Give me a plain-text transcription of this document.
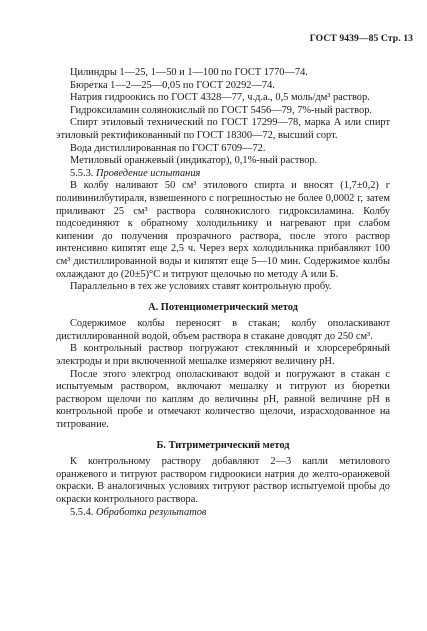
ГОСТ 9439—85 Стр. 13

Цилиндры 1—25, 1—50 и 1—100 по ГОСТ 1770—74.

Бюретка 1—2—25—0,05 по ГОСТ 20292—74.

Натрия гидроокись по ГОСТ 4328—77, ч.д.а., 0,5 моль/дм³ раствор.

Гидроксиламин солянокислый по ГОСТ 5456—79, 7%-ный раствор.

Спирт этиловый технический по ГОСТ 17299—78, марка А или спирт этиловый ректификованный по ГОСТ 18300—72, высший сорт.

Вода дистиллированная по ГОСТ 6709—72.

Метиловый оранжевый (индикатор), 0,1%-ный раствор.

5.5.3. Проведение испытания

В колбу наливают 50 см³ этилового спирта и вносят (1,7±0,2) г поливинилбутираля, взвешенного с погрешностью не более 0,0002 г, затем приливают 25 см³ раствора солянокислого гидроксиламина. Колбу подсоединяют к обратному холодильнику и нагревают при слабом кипении до получения прозрачного раствора, после этого раствор интенсивно кипятят еще 2,5 ч. Через верх холодильника прибавляют 100 см³ дистиллированной воды и кипятят еще 5—10 мин. Содержимое колбы охлаждают до (20±5)°С и титруют щелочью по методу А или Б.

Параллельно в тех же условиях ставят контрольную пробу.

А. Потенциометрический метод

Содержимое колбы переносят в стакан; колбу ополаскивают дистиллированной водой, объем раствора в стакане доводят до 250 см³.

В контрольный раствор погружают стеклянный и хлорсеребряный электроды и при включенной мешалке измеряют величину рН.

После этого электрод ополаскивают водой и погружают в стакан с испытуемым раствором, включают мешалку и титруют из бюретки раствором щелочи по каплям до величины рН, равной величине рН в контрольной пробе и отмечают количество щелочи, израсходованное на титрование.

Б. Титриметрический метод

К контрольному раствору добавляют 2—3 капли метилового оранжевого и титруют раствором гидроокиси натрия до желто-оранжевой окраски. В аналогичных условиях титруют раствор испытуемой пробы до окраски контрольного раствора.

5.5.4. Обработка результатов
